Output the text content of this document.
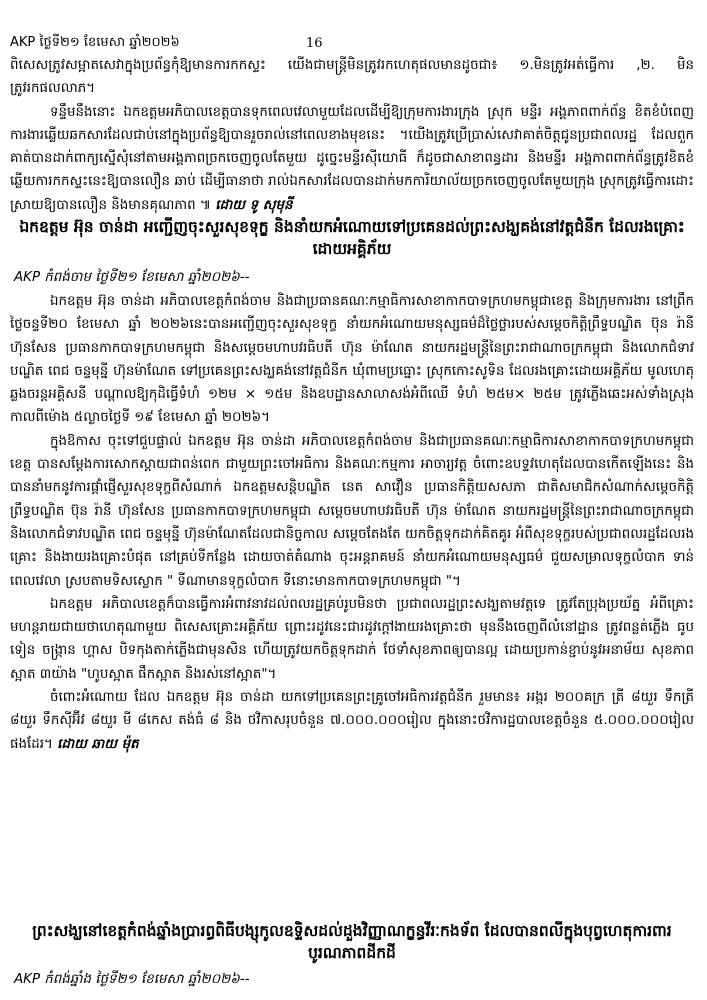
AKP ថ្ងៃទី២១ ខែមេសា ឆ្នាំ២០២៦	16

ពិសេសត្រូវសម្អាតសេវាក្នុងប្រព័ន្ធកុំឱ្យមានការកកស្ទះ យើងជាមន្ត្រីមិនត្រូវរកហេតុផលមានដូចជា៖ ១.មិនត្រូវអត់ធ្វើការ ,២. មិនត្រូវរកផលលាភ។

ទន្ទឹមនឹងនោះ ឯកឧត្តមអភិបាលខេត្តបានទុកពេលវេលាមួយដែលដើម្បីឱ្យក្រុមការងារក្រុង ស្រុក មន្ទីរ អង្គភាពពាក់ព័ន្ធ ខិតខំបំពេញការងារឆ្លើយឆកសារដែលជាប់នៅក្នុងប្រព័ន្ធឱ្យបានរួចរាល់នៅពេលខាងមុខនេះ ។យើងត្រូវប្រើប្រាស់សេវាគាត់ចិត្តជូនប្រជាពលរដ្ឋ ដែលពួកគាត់បានដាក់ពាក្យស្នើសុំនៅតាមអង្គភាពច្រកចេញចូលតែមួយ ដូច្នេះមន្ទីរស៊ីយោធី ក៏ដូចជាសាខាពន្ធដារ និងមន្ទីរ អង្គភាពពាក់ព័ន្ធត្រូវខិតខំឆ្លើយការកកស្ទះនេះឱ្យបានលឿន ឆាប់ ដើម្បីធានាថា រាល់ឯកសារដែលបានដាក់មកការិយាល័យច្រកចេញចូលតែមួយក្រុង ស្រុកត្រូវធ្វើការដោះស្រាយឱ្យបានលឿន និងមានគុណភាព ៕ ដោយ ទូ សុមុនី

ឯកឧត្តម អ៊ុន ចាន់ដា អញ្ជើញចុះសួរសុខទុក្ខ និងនាំយកអំណោយទៅប្រគេនដល់ព្រះសង្ឃគង់នៅវត្តជំនីក ដែលរងគ្រោះដោយអគ្គិភ័យ
AKP កំពង់ចាម ថ្ងៃទី២១ ខែមេសា ឆ្នាំ២០២៦--

ឯកឧត្តម អ៊ុន ចាន់ដា អភិបាលខេត្តកំពង់ចាម និងជាប្រធានគណៈកម្មាធិការសាខាកាកបាទក្រហមកម្ពុជាខេត្ត និងក្រុមការងារ នៅព្រឹកថ្ងៃចន្ទទី២០ ខែមេសា ឆ្នាំ ២០២៦នេះបានអញ្ជើញចុះសួរសុខទុក្ខ នាំយកអំណោយមនុស្សធម៌ដ៏ថ្លៃថ្លារបស់សម្តេចកិត្តិព្រឹទ្ធបណ្ឌិត ប៊ុន រ៉ានី ហ៊ុនសែន ប្រធានកាកបាទក្រហមកម្ពុជា និងសម្តេចមហាបវរធិបតី ហ៊ុន ម៉ាណែត នាយករដ្ឋមន្ត្រីនៃព្រះរាជាណាចក្រកម្ពុជា និងលោកជំទាវបណ្ឌិត ពេជ ចន្ទមុន្នី ហ៊ុនម៉ាណែត ទៅប្រគេនព្រះសង្ឃគង់នៅវត្តជំនីក ឃុំពាមប្រធ្នោះ ស្រុកកោះសូទិន ដែលរងគ្រោះដោយអគ្គិភ័យ មូលហេតុ ឆ្លងចរន្តអគ្គិសនី បណ្តាលឱ្យកុដិធ្វើទំហំ ១២ម × ១៥ម និងឧបដ្ឋានសាលាសង់អំពីឈើ ទំហំ ២៥ម× ២៥ម ត្រូវភ្លើងឆេះអស់ទាំងស្រុង កាលពីម៉ោង ៥ល្ងាចថ្ងៃទី ១៩ ខែមេសា ឆ្នាំ ២០២៦។

ក្នុងឱកាស ចុះទៅជួបផ្ទាល់ ឯកឧត្តម អ៊ុន ចាន់ដា អភិបាលខេត្តកំពង់ចាម និងជាប្រធានគណៈកម្មាធិការសាខាកាកបាទក្រហមកម្ពុជាខេត្ត បានសម្តែងការសោកស្តាយជាពន់ពេក ជាមួយព្រះចៅអធិការ និងគណៈកម្មការ អាចារ្យវត្ត ចំពោះឧបទ្ទវហេតុដែលបានកើតឡើងនេះ និងបាននាំមកនូវការផ្តាំផ្ញើសួរសុខទុក្ខពីសំណាក់ ឯកឧត្តមសន្តិបណ្ឌិត នេត សាវឿន ប្រធានកិត្តិយសសភា ជាតិសមាជិកសំណាក់សម្តេចកិត្តិ ព្រឹទ្ធបណ្ឌិត ប៊ុន រ៉ានី ហ៊ុនសែន ប្រធានកាកបាទក្រហមកម្ពុជា សម្តេចមហាបវរធិបតី ហ៊ុន ម៉ាណែត នាយករដ្ឋមន្ត្រីនៃព្រះរាជាណាចក្រកម្ពុជា និងលោកជំទាវបណ្ឌិត ពេជ ចន្ទមុន្នី ហ៊ុនម៉ាណែតដែលជានិច្ចកាល សម្តេចតែងតែ យកចិត្តទុកដាក់គិតគូរ អំពីសុខទុក្ខរបស់ប្រជាពលរដ្ឋដែលរងគ្រោះ និងងាយរងគ្រោះបំផុត នៅគ្រប់ទីកន្លែង ដោយចាត់តំណាង ចុះអន្តរាគមន៍ នាំយកអំណោយមនុស្សធម៌ ជួយសម្រាលទុក្ខលំបាក ទាន់ពេលវេលា ស្របតាមទិសស្លោក " ទីណាមានទុក្ខលំបាក ទីនោះមានកាកបាទក្រហមកម្ពុជា "។

ឯកឧត្តម អភិបាលខេត្តក៏បានធ្វើការអំពាវនាវដល់ពលរដ្ឋគ្រប់រូបមិនថា ប្រជាពលរដ្ឋព្រះសង្ឃតាមវត្តទេ ត្រូវតែប្រុងប្រយ័ត្ន អំពីគ្រោះមហន្តរាយជាយថាហេតុណាមួយ ពិសេសគ្រោះអគ្គិភ័យ ព្រោះរដូវនេះជារដូវក្តៅងាយរងគ្រោះថា មុននឹងចេញពីលំនៅដ្ឋាន ត្រូវពន្លត់ភ្លើង ធូប ទៀន ចង្ក្រាន ហ្គាស បិទកុងតាក់ភ្លើងជាមុនសិន ហើយត្រូវយកចិត្តទុកដាក់ ថែទាំសុខភាពឲ្យបានល្អ ដោយប្រកាន់ខ្ជាប់នូវអនាម័យ សុខភាព ស្អាត ៣យ៉ាង "ហូបស្អាត ផឹកស្អាត និងរស់នៅស្អាត"។

ចំពោះអំណោយ ដែល ឯកឧត្តម អ៊ុន ចាន់ដា យកទៅប្រគេនព្រះគ្រូចៅអធិការវត្តជំនីក រួមមាន៖ អង្ករ ២០០គក្រ ត្រី ៨យួរ ទឹកត្រី ៨យួរ ទឹកស៊ីអ៊ីវ ៨យួរ មី ៨កេស តង់ធំ ៨ និង ថវិកាសរុបចំនួន ៧.០០០.០០០រៀល ក្នុងនោះថវិការដ្ឋបាលខេត្តចំនួន ៥.០០០.០០០រៀលផងដែរ។ ដោយ ឆាយ ម៉ុត

ព្រះសង្ឃនៅខេត្តកំពង់ឆ្នាំងប្រារព្ធពិធីបង្សុកូលឧទ្ទិសដល់ដួងវិញ្ញាណក្ខន្ធវីរៈកងទ័ព ដែលបានពលីក្នុងបុព្វហេតុការពារបូរណភាពដីកដី
AKP កំពង់ឆ្នាំង ថ្ងៃទី២១ ខែមេសា ឆ្នាំ២០២៦--
